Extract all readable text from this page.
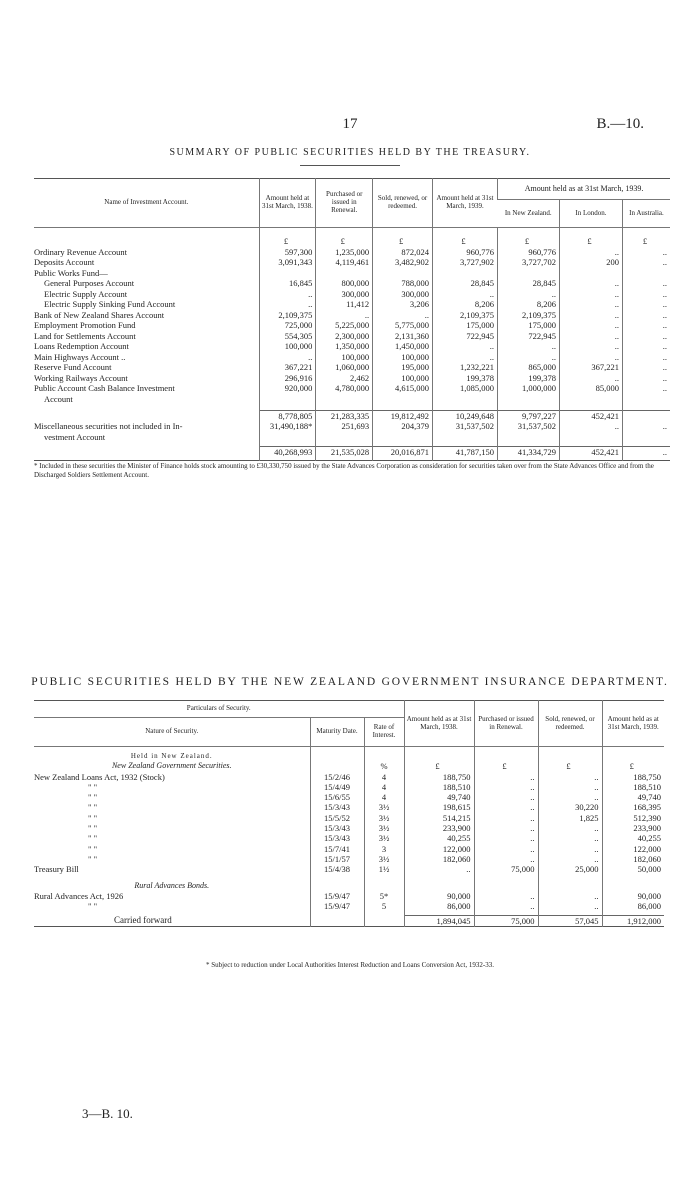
17	B.—10.
SUMMARY OF PUBLIC SECURITIES HELD BY THE TREASURY.
Name of Investment Account.	Amount held at 31st March, 1938.	Purchased or issued in Renewal.	Sold, renewed, or redeemed.	Amount held at 31st March, 1939.	Amount held as at 31st March, 1939.		
					In New Zealand.	In London.	In Australia.

	£	£	£	£	£	£	£
Ordinary Revenue Account	597,300	1,235,000	872,024	960,776	960,776	..	..
Deposits Account	3,091,343	4,119,461	3,482,902	3,727,902	3,727,702	200	..
Public Works Fund—							
General Purposes Account	16,845	800,000	788,000	28,845	28,845	..	..
Electric Supply Account	..	300,000	300,000	..	..	..	..
Electric Supply Sinking Fund Account	..	11,412	3,206	8,206	8,206	..	..
Bank of New Zealand Shares Account	2,109,375	..	..	2,109,375	2,109,375	..	..
Employment Promotion Fund	725,000	5,225,000	5,775,000	175,000	175,000	..	..
Land for Settlements Account	554,305	2,300,000	2,131,360	722,945	722,945	..	..
Loans Redemption Account	100,000	1,350,000	1,450,000	..	..	..	..
Main Highways Account ..	..	100,000	100,000	..	..	..	..
Reserve Fund Account	367,221	1,060,000	195,000	1,232,221	865,000	367,221	..
Working Railways Account	296,916	2,462	100,000	199,378	199,378	..	..
Public Account Cash Balance Investment	920,000	4,780,000	4,615,000	1,085,000	1,000,000	85,000	..
Account							

	8,778,805	21,283,335	19,812,492	10,249,648	9,797,227	452,421	
Miscellaneous securities not included in In-	31,490,188*	251,693	204,379	31,537,502	31,537,502	..	..
vestment Account							

	40,268,993	21,535,028	20,016,871	41,787,150	41,334,729	452,421	..
* Included in these securities the Minister of Finance holds stock amounting to £30,330,750 issued by the State Advances Corporation as consideration for securities taken over from the State Advances Office and from the Discharged Soldiers Settlement Account.
PUBLIC SECURITIES HELD BY THE NEW ZEALAND GOVERNMENT INSURANCE DEPARTMENT.
Particulars of Security.			Amount held as at 31st March, 1938.	Purchased or issued in Renewal.	Sold, renewed, or redeemed.	Amount held as at 31st March, 1939.
Nature of Security.	Maturity Date.	Rate of Interest.				
Held in New Zealand.						
New Zealand Government Securities.		%	£	£	£	£
New Zealand Loans Act, 1932 (Stock)	15/2/46	4	188,750	..	..	188,750
" "	15/4/49	4	188,510	..	..	188,510
" "	15/6/55	4	49,740	..	..	49,740
" "	15/3/43	3½	198,615	..	30,220	168,395
" "	15/5/52	3½	514,215	..	1,825	512,390
" "	15/3/43	3½	233,900	..	..	233,900
" "	15/3/43	3½	40,255	..	..	40,255
" "	15/7/41	3	122,000	..	..	122,000
" "	15/1/57	3½	182,060	..	..	182,060
Treasury Bill	15/4/38	1½	..	75,000	25,000	50,000
Rural Advances Bonds.						
Rural Advances Act, 1926	15/9/47	5*	90,000	..	..	90,000
" "	15/9/47	5	86,000	..	..	86,000

Carried forward			1,894,045	75,000	57,045	1,912,000
* Subject to reduction under Local Authorities Interest Reduction and Loans Conversion Act, 1932-33.
3—B. 10.
